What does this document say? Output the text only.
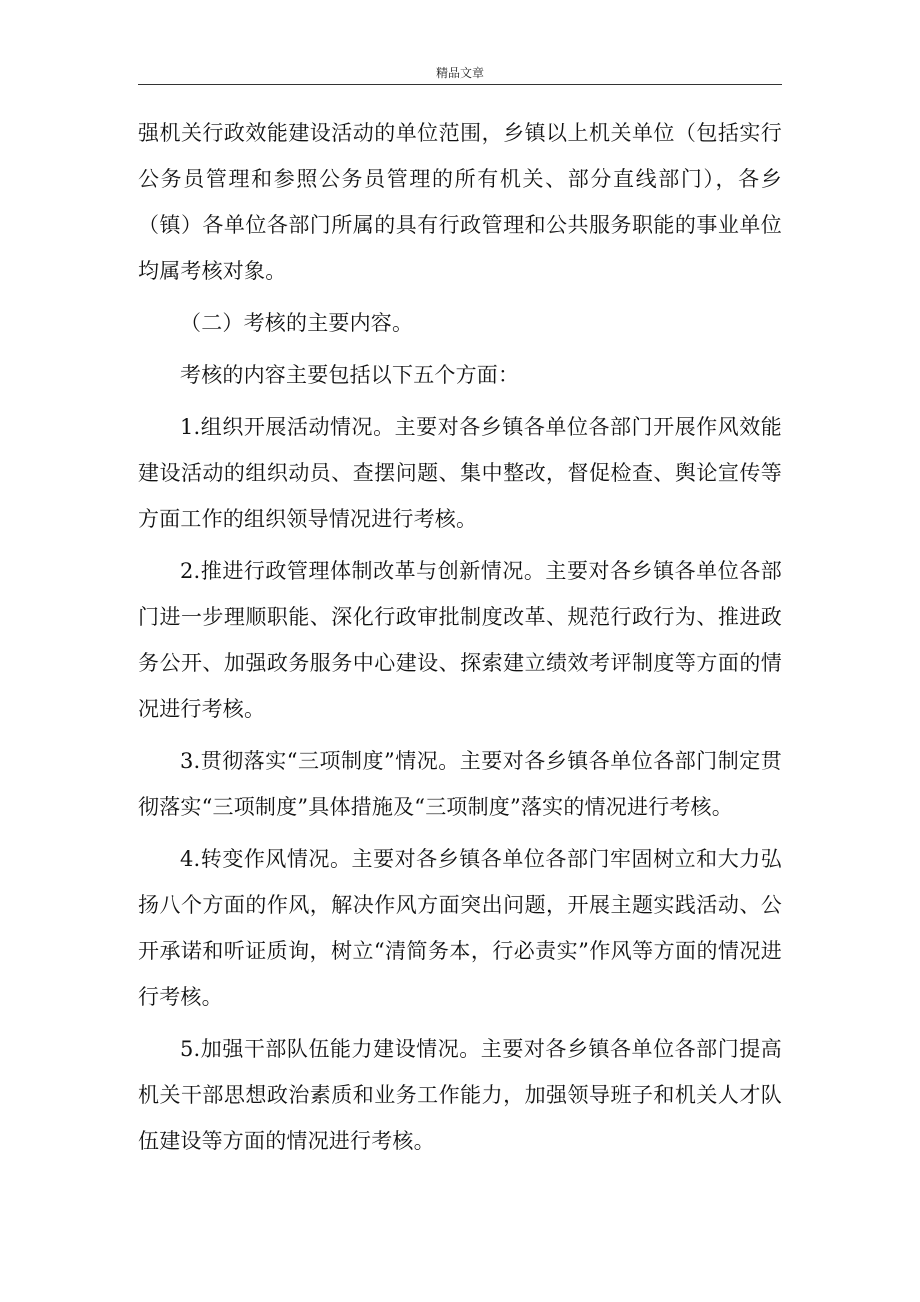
精品文章

强机关行政效能建设活动的单位范围，乡镇以上机关单位（包括实行公务员管理和参照公务员管理的所有机关、部分直线部门），各乡（镇）各单位各部门所属的具有行政管理和公共服务职能的事业单位均属考核对象。

（二）考核的主要内容。

考核的内容主要包括以下五个方面：

1.组织开展活动情况。主要对各乡镇各单位各部门开展作风效能建设活动的组织动员、查摆问题、集中整改，督促检查、舆论宣传等方面工作的组织领导情况进行考核。

2.推进行政管理体制改革与创新情况。主要对各乡镇各单位各部门进一步理顺职能、深化行政审批制度改革、规范行政行为、推进政务公开、加强政务服务中心建设、探索建立绩效考评制度等方面的情况进行考核。

3.贯彻落实“三项制度”情况。主要对各乡镇各单位各部门制定贯彻落实“三项制度”具体措施及“三项制度”落实的情况进行考核。

4.转变作风情况。主要对各乡镇各单位各部门牢固树立和大力弘扬八个方面的作风，解决作风方面突出问题，开展主题实践活动、公开承诺和听证质询，树立“清简务本，行必责实”作风等方面的情况进行考核。

5.加强干部队伍能力建设情况。主要对各乡镇各单位各部门提高机关干部思想政治素质和业务工作能力，加强领导班子和机关人才队伍建设等方面的情况进行考核。
